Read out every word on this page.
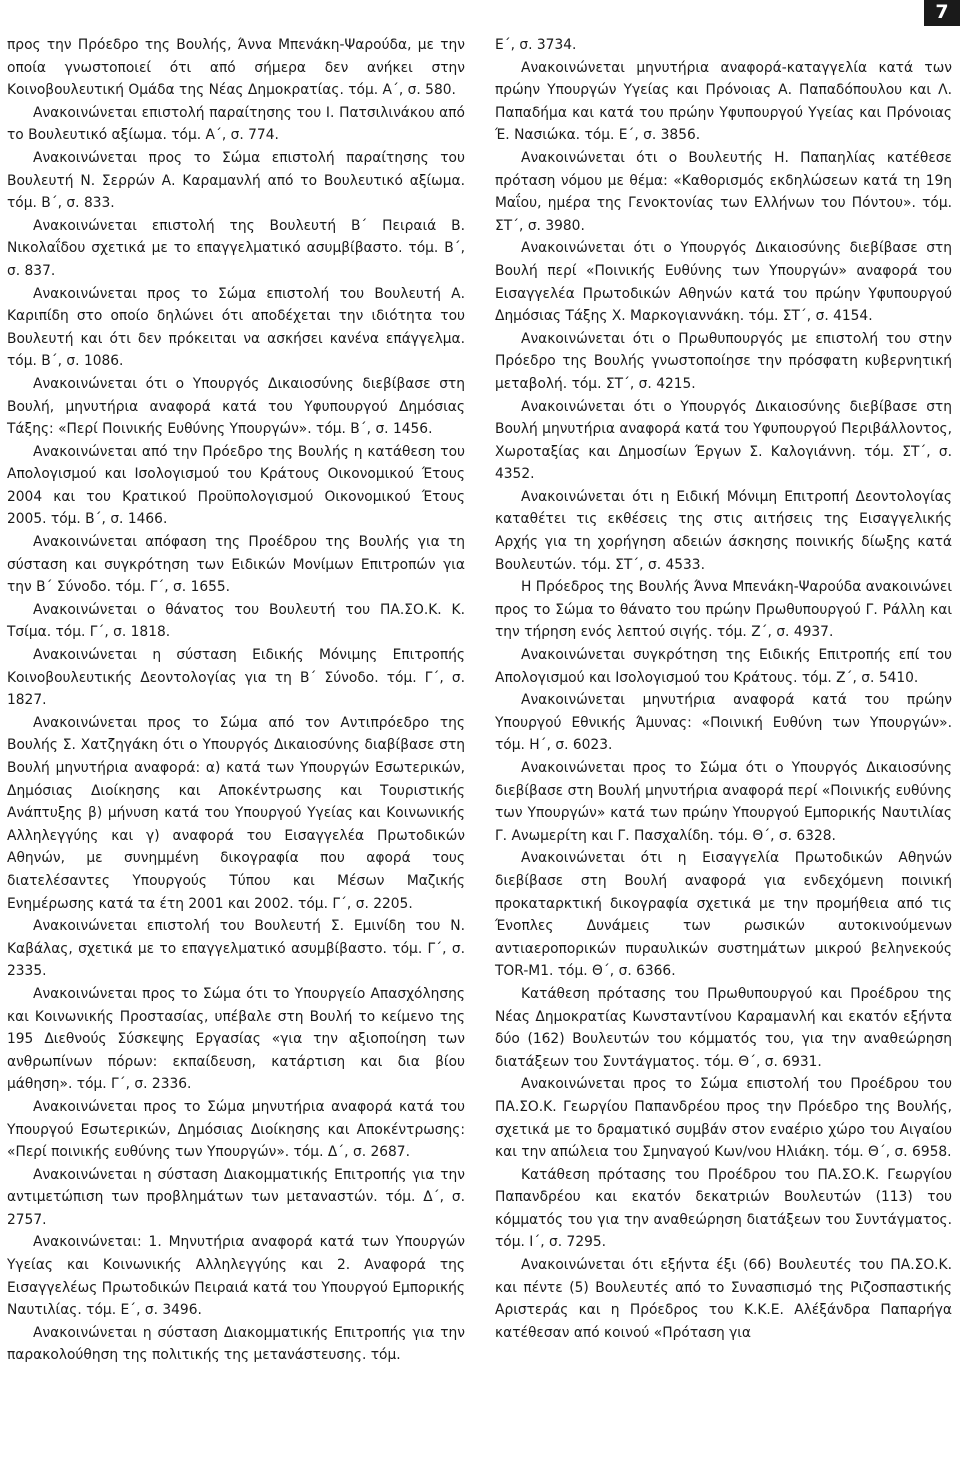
7

προς την Πρόεδρο της Βουλής, Άννα Μπενάκη-Ψαρούδα, με την οποία γνωστοποιεί ότι από σήμερα δεν ανήκει στην Κοινοβουλευτική Ομάδα της Νέας Δημοκρατίας. τόμ. Α΄, σ. 580.

Ανακοινώνεται επιστολή παραίτησης του Ι. Πατσιλινάκου από το Βουλευτικό αξίωμα. τόμ. Α΄, σ. 774.

Ανακοινώνεται προς το Σώμα επιστολή παραίτησης του Βουλευτή Ν. Σερρών Α. Καραμανλή από το Βουλευτικό αξίωμα. τόμ. Β΄, σ. 833.

Ανακοινώνεται επιστολή της Βουλευτή Β΄ Πειραιά Β. Νικολαΐδου σχετικά με το επαγγελματικό ασυμβίβαστο. τόμ. Β΄, σ. 837.

Ανακοινώνεται προς το Σώμα επιστολή του Βουλευτή Α. Καριπίδη στο οποίο δηλώνει ότι αποδέχεται την ιδιότητα του Βουλευτή και ότι δεν πρόκειται να ασκήσει κανένα επάγγελμα. τόμ. Β΄, σ. 1086.

Ανακοινώνεται ότι ο Υπουργός Δικαιοσύνης διεβίβασε στη Βουλή, μηνυτήρια αναφορά κατά του Υφυπουργού Δημόσιας Τάξης: «Περί Ποινικής Ευθύνης Υπουργών». τόμ. Β΄, σ. 1456.

Ανακοινώνεται από την Πρόεδρο της Βουλής η κατάθεση του Απολογισμού και Ισολογισμού του Κράτους Οικονομικού Έτους 2004 και του Κρατικού Προϋπολογισμού Οικονομικού Έτους 2005. τόμ. Β΄, σ. 1466.

Ανακοινώνεται απόφαση της Προέδρου της Βουλής για τη σύσταση και συγκρότηση των Ειδικών Μονίμων Επιτροπών για την Β΄ Σύνοδο. τόμ. Γ΄, σ. 1655.

Ανακοινώνεται ο θάνατος του Βουλευτή του ΠΑ.ΣΟ.Κ. Κ. Τσίμα. τόμ. Γ΄, σ. 1818.

Ανακοινώνεται η σύσταση Ειδικής Μόνιμης Επιτροπής Κοινοβουλευτικής Δεοντολογίας για τη Β΄ Σύνοδο. τόμ. Γ΄, σ. 1827.

Ανακοινώνεται προς το Σώμα από τον Αντιπρόεδρο της Βουλής Σ. Χατζηγάκη ότι ο Υπουργός Δικαιοσύνης διαβίβασε στη Βουλή μηνυτήρια αναφορά: α) κατά των Υπουργών Εσωτερικών, Δημόσιας Διοίκησης και Αποκέντρωσης και Τουριστικής Ανάπτυξης β) μήνυση κατά του Υπουργού Υγείας και Κοινωνικής Αλληλεγγύης και γ) αναφορά του Εισαγγελέα Πρωτοδικών Αθηνών, με συνημμένη δικογραφία που αφορά τους διατελέσαντες Υπουργούς Τύπου και Μέσων Μαζικής Ενημέρωσης κατά τα έτη 2001 και 2002. τόμ. Γ΄, σ. 2205.

Ανακοινώνεται επιστολή του Βουλευτή Σ. Εμινίδη του Ν. Καβάλας, σχετικά με το επαγγελματικό ασυμβίβαστο. τόμ. Γ΄, σ. 2335.

Ανακοινώνεται προς το Σώμα ότι το Υπουργείο Απασχόλησης και Κοινωνικής Προστασίας, υπέβαλε στη Βουλή το κείμενο της 195 Διεθνούς Σύσκεψης Εργασίας «για την αξιοποίηση των ανθρωπίνων πόρων: εκπαίδευση, κατάρτιση και δια βίου μάθηση». τόμ. Γ΄, σ. 2336.

Ανακοινώνεται προς το Σώμα μηνυτήρια αναφορά κατά του Υπουργού Εσωτερικών, Δημόσιας Διοίκησης και Αποκέντρωσης: «Περί ποινικής ευθύνης των Υπουργών». τόμ. Δ΄, σ. 2687.

Ανακοινώνεται η σύσταση Διακομματικής Επιτροπής για την αντιμετώπιση των προβλημάτων των μεταναστών. τόμ. Δ΄, σ. 2757.

Ανακοινώνεται: 1. Μηνυτήρια αναφορά κατά των Υπουργών Υγείας και Κοινωνικής Αλληλεγγύης και 2. Αναφορά της Εισαγγελέως Πρωτοδικών Πειραιά κατά του Υπουργού Εμπορικής Ναυτιλίας. τόμ. Ε΄, σ. 3496.

Ανακοινώνεται η σύσταση Διακομματικής Επιτροπής για την παρακολούθηση της πολιτικής της μετανάστευσης. τόμ.

Ε΄, σ. 3734.

Ανακοινώνεται μηνυτήρια αναφορά-καταγγελία κατά των πρώην Υπουργών Υγείας και Πρόνοιας Α. Παπαδόπουλου και Λ. Παπαδήμα και κατά του πρώην Υφυπουργού Υγείας και Πρόνοιας Έ. Νασιώκα. τόμ. Ε΄, σ. 3856.

Ανακοινώνεται ότι ο Βουλευτής Η. Παπαηλίας κατέθεσε πρόταση νόμου με θέμα: «Καθορισμός εκδηλώσεων κατά τη 19η Μαΐου, ημέρα της Γενοκτονίας των Ελλήνων του Πόντου». τόμ. ΣΤ΄, σ. 3980.

Ανακοινώνεται ότι ο Υπουργός Δικαιοσύνης διεβίβασε στη Βουλή περί «Ποινικής Ευθύνης των Υπουργών» αναφορά του Εισαγγελέα Πρωτοδικών Αθηνών κατά του πρώην Υφυπουργού Δημόσιας Τάξης Χ. Μαρκογιαννάκη. τόμ. ΣΤ΄, σ. 4154.

Ανακοινώνεται ότι ο Πρωθυπουργός με επιστολή του στην Πρόεδρο της Βουλής γνωστοποίησε την πρόσφατη κυβερνητική μεταβολή. τόμ. ΣΤ΄, σ. 4215.

Ανακοινώνεται ότι ο Υπουργός Δικαιοσύνης διεβίβασε στη Βουλή μηνυτήρια αναφορά κατά του Υφυπουργού Περιβάλλοντος, Χωροταξίας και Δημοσίων Έργων Σ. Καλογιάννη. τόμ. ΣΤ΄, σ. 4352.

Ανακοινώνεται ότι η Ειδική Μόνιμη Επιτροπή Δεοντολογίας καταθέτει τις εκθέσεις της στις αιτήσεις της Εισαγγελικής Αρχής για τη χορήγηση αδειών άσκησης ποινικής δίωξης κατά Βουλευτών. τόμ. ΣΤ΄, σ. 4533.

Η Πρόεδρος της Βουλής Άννα Μπενάκη-Ψαρούδα ανακοινώνει προς το Σώμα το θάνατο του πρώην Πρωθυπουργού Γ. Ράλλη και την τήρηση ενός λεπτού σιγής. τόμ. Ζ΄, σ. 4937.

Ανακοινώνεται συγκρότηση της Ειδικής Επιτροπής επί του Απολογισμού και Ισολογισμού του Κράτους. τόμ. Ζ΄, σ. 5410.

Ανακοινώνεται μηνυτήρια αναφορά κατά του πρώην Υπουργού Εθνικής Άμυνας: «Ποινική Ευθύνη των Υπουργών». τόμ. Η΄, σ. 6023.

Ανακοινώνεται προς το Σώμα ότι ο Υπουργός Δικαιοσύνης διεβίβασε στη Βουλή μηνυτήρια αναφορά περί «Ποινικής ευθύνης των Υπουργών» κατά των πρώην Υπουργού Εμπορικής Ναυτιλίας Γ. Ανωμερίτη και Γ. Πασχαλίδη. τόμ. Θ΄, σ. 6328.

Ανακοινώνεται ότι η Εισαγγελία Πρωτοδικών Αθηνών διεβίβασε στη Βουλή αναφορά για ενδεχόμενη ποινική προκαταρκτική δικογραφία σχετικά με την προμήθεια από τις Ένοπλες Δυνάμεις των ρωσικών αυτοκινούμενων αντιαεροπορικών πυραυλικών συστημάτων μικρού βεληνεκούς TOR-M1. τόμ. Θ΄, σ. 6366.

Κατάθεση πρότασης του Πρωθυπουργού και Προέδρου της Νέας Δημοκρατίας Κωνσταντίνου Καραμανλή και εκατόν εξήντα δύο (162) Βουλευτών του κόμματός του, για την αναθεώρηση διατάξεων του Συντάγματος. τόμ. Θ΄, σ. 6931.

Ανακοινώνεται προς το Σώμα επιστολή του Προέδρου του ΠΑ.ΣΟ.Κ. Γεωργίου Παπανδρέου προς την Πρόεδρο της Βουλής, σχετικά με το δραματικό συμβάν στον εναέριο χώρο του Αιγαίου και την απώλεια του Σμηναγού Κων/νου Ηλιάκη. τόμ. Θ΄, σ. 6958.

Κατάθεση πρότασης του Προέδρου του ΠΑ.ΣΟ.Κ. Γεωργίου Παπανδρέου και εκατόν δεκατριών Βουλευτών (113) του κόμματός του για την αναθεώρηση διατάξεων του Συντάγματος. τόμ. Ι΄, σ. 7295.

Ανακοινώνεται ότι εξήντα έξι (66) Βουλευτές του ΠΑ.ΣΟ.Κ. και πέντε (5) Βουλευτές από το Συνασπισμό της Ριζοσπαστικής Αριστεράς και η Πρόεδρος του Κ.Κ.Ε. Αλέξάνδρα Παπαρήγα κατέθεσαν από κοινού «Πρόταση για
